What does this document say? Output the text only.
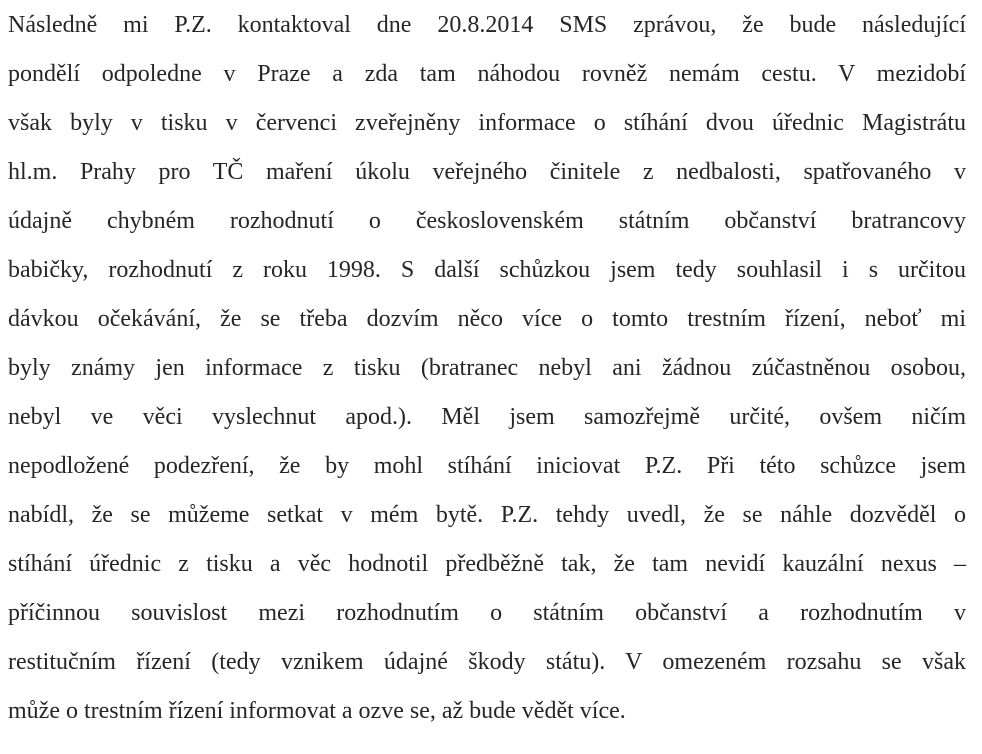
Následně mi P.Z. kontaktoval dne 20.8.2014 SMS zprávou, že bude následující
pondělí odpoledne v Praze a zda tam náhodou rovněž nemám cestu. V mezidobí
však byly v tisku v červenci zveřejněny informace o stíhání dvou úřednic Magistrátu
hl.m. Prahy pro TČ maření úkolu veřejného činitele z nedbalosti, spatřovaného v
údajně chybném rozhodnutí o československém státním občanství bratrancovy
babičky, rozhodnutí z roku 1998. S další schůzkou jsem tedy souhlasil i s určitou
dávkou očekávání, že se třeba dozvím něco více o tomto trestním řízení, neboť mi
byly známy jen informace z tisku (bratranec nebyl ani žádnou zúčastněnou osobou,
nebyl ve věci vyslechnut apod.). Měl jsem samozřejmě určité, ovšem ničím
nepodložené podezření, že by mohl stíhání iniciovat P.Z. Při této schůzce jsem
nabídl, že se můžeme setkat v mém bytě. P.Z. tehdy uvedl, že se náhle dozvěděl o
stíhání úřednic z tisku a věc hodnotil předběžně tak, že tam nevidí kauzální nexus –
příčinnou souvislost mezi rozhodnutím o státním občanství a rozhodnutím v
restitučním řízení (tedy vznikem údajné škody státu). V omezeném rozsahu se však
může o trestním řízení informovat a ozve se, až bude vědět více.
